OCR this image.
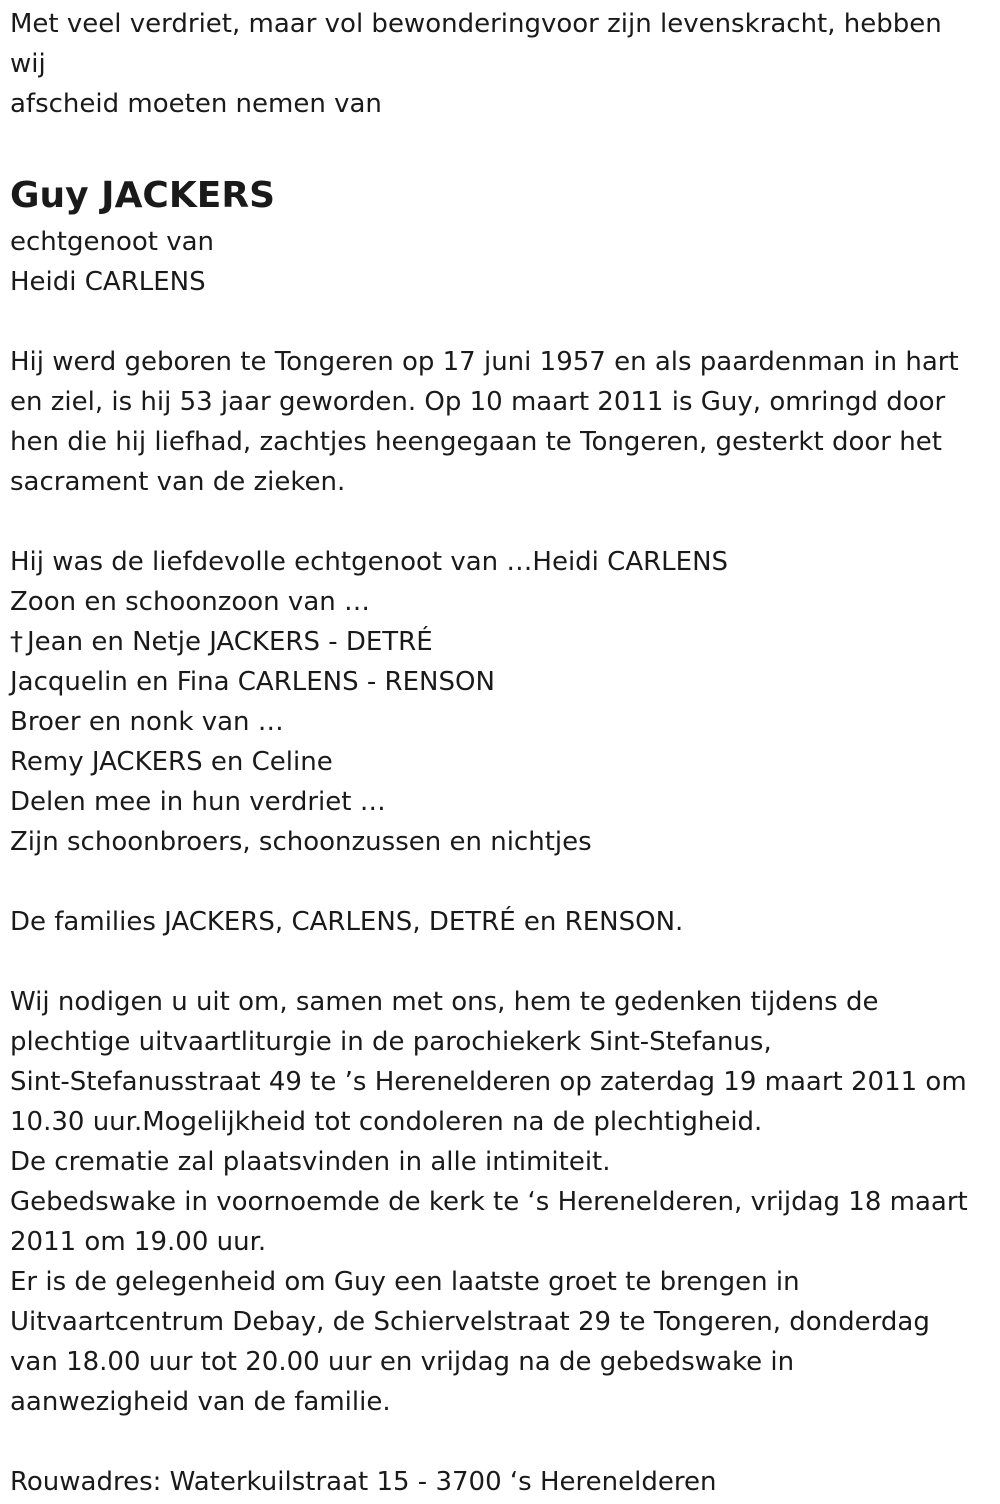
Met veel verdriet, maar vol bewonderingvoor zijn levenskracht, hebben
wij
afscheid moeten nemen van
Guy JACKERS
echtgenoot van
Heidi CARLENS
Hij werd geboren te Tongeren op 17 juni 1957 en als paardenman in hart
en ziel, is hij 53 jaar geworden. Op 10 maart 2011 is Guy, omringd door
hen die hij liefhad, zachtjes heengegaan te Tongeren, gesterkt door het
sacrament van de zieken.
Hij was de liefdevolle echtgenoot van …Heidi CARLENS
Zoon en schoonzoon van …
† Jean en Netje JACKERS - DETRÉ
Jacquelin en Fina CARLENS - RENSON
Broer en nonk van …
Remy JACKERS en Celine
Delen mee in hun verdriet …
Zijn schoonbroers, schoonzussen en nichtjes
De families JACKERS, CARLENS, DETRÉ en RENSON.
Wij nodigen u uit om, samen met ons, hem te gedenken tijdens de
plechtige uitvaartliturgie in de parochiekerk Sint-Stefanus,
Sint-Stefanusstraat 49 te ’s Herenelderen op zaterdag 19 maart 2011 om
10.30 uur.Mogelijkheid tot condoleren na de plechtigheid.
De crematie zal plaatsvinden in alle intimiteit.
Gebedswake in voornoemde de kerk te ‘s Herenelderen, vrijdag 18 maart
2011 om 19.00 uur.
Er is de gelegenheid om Guy een laatste groet te brengen in
Uitvaartcentrum Debay, de Schiervelstraat 29 te Tongeren, donderdag
van 18.00 uur tot 20.00 uur en vrijdag na de gebedswake in
aanwezigheid van de familie.
Rouwadres: Waterkuilstraat 15 - 3700 ‘s Herenelderen
